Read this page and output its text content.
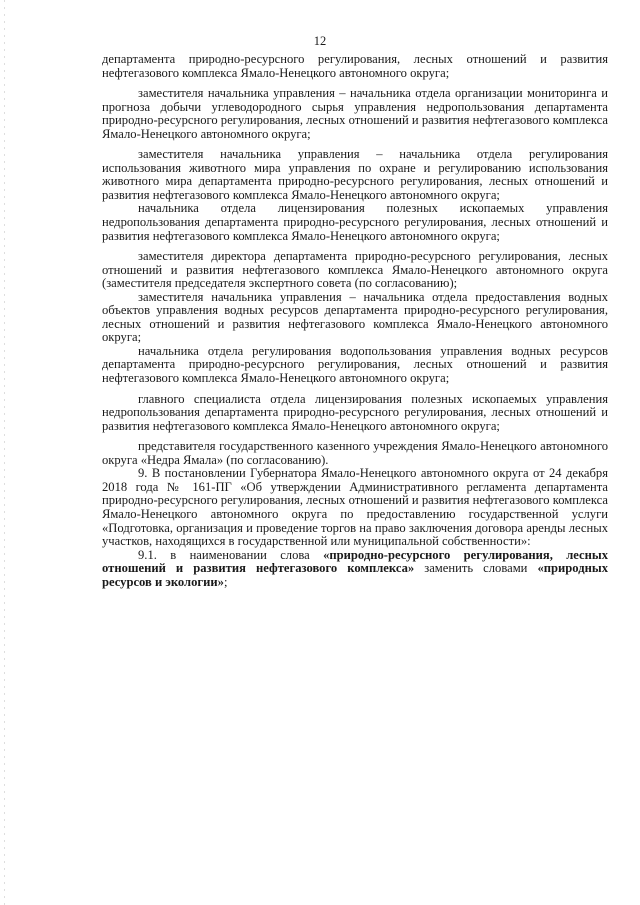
12

департамента природно-ресурсного регулирования, лесных отношений и развития нефтегазового комплекса Ямало-Ненецкого автономного округа;

заместителя начальника управления – начальника отдела организации мониторинга и прогноза добычи углеводородного сырья управления недропользования департамента природно-ресурсного регулирования, лесных отношений и развития нефтегазового комплекса Ямало-Ненецкого автономного округа;

заместителя начальника управления – начальника отдела регулирования использования животного мира управления по охране и регулированию использования животного мира департамента природно-ресурсного регулирования, лесных отношений и развития нефтегазового комплекса Ямало-Ненецкого автономного округа;

начальника отдела лицензирования полезных ископаемых управления недропользования департамента природно-ресурсного регулирования, лесных отношений и развития нефтегазового комплекса Ямало-Ненецкого автономного округа;

заместителя директора департамента природно-ресурсного регулирования, лесных отношений и развития нефтегазового комплекса Ямало-Ненецкого автономного округа (заместителя председателя экспертного совета (по согласованию);

заместителя начальника управления – начальника отдела предоставления водных объектов управления водных ресурсов департамента природно-ресурсного регулирования, лесных отношений и развития нефтегазового комплекса Ямало-Ненецкого автономного округа;

начальника отдела регулирования водопользования управления водных ресурсов департамента природно-ресурсного регулирования, лесных отношений и развития нефтегазового комплекса Ямало-Ненецкого автономного округа;

главного специалиста отдела лицензирования полезных ископаемых управления недропользования департамента природно-ресурсного регулирования, лесных отношений и развития нефтегазового комплекса Ямало-Ненецкого автономного округа;

представителя государственного казенного учреждения Ямало-Ненецкого автономного округа «Недра Ямала» (по согласованию).

9. В постановлении Губернатора Ямало-Ненецкого автономного округа от 24 декабря 2018 года № 161-ПГ «Об утверждении Административного регламента департамента природно-ресурсного регулирования, лесных отношений и развития нефтегазового комплекса Ямало-Ненецкого автономного округа по предоставлению государственной услуги «Подготовка, организация и проведение торгов на право заключения договора аренды лесных участков, находящихся в государственной или муниципальной собственности»:

9.1. в наименовании слова «природно-ресурсного регулирования, лесных отношений и развития нефтегазового комплекса» заменить словами «природных ресурсов и экологии»;
